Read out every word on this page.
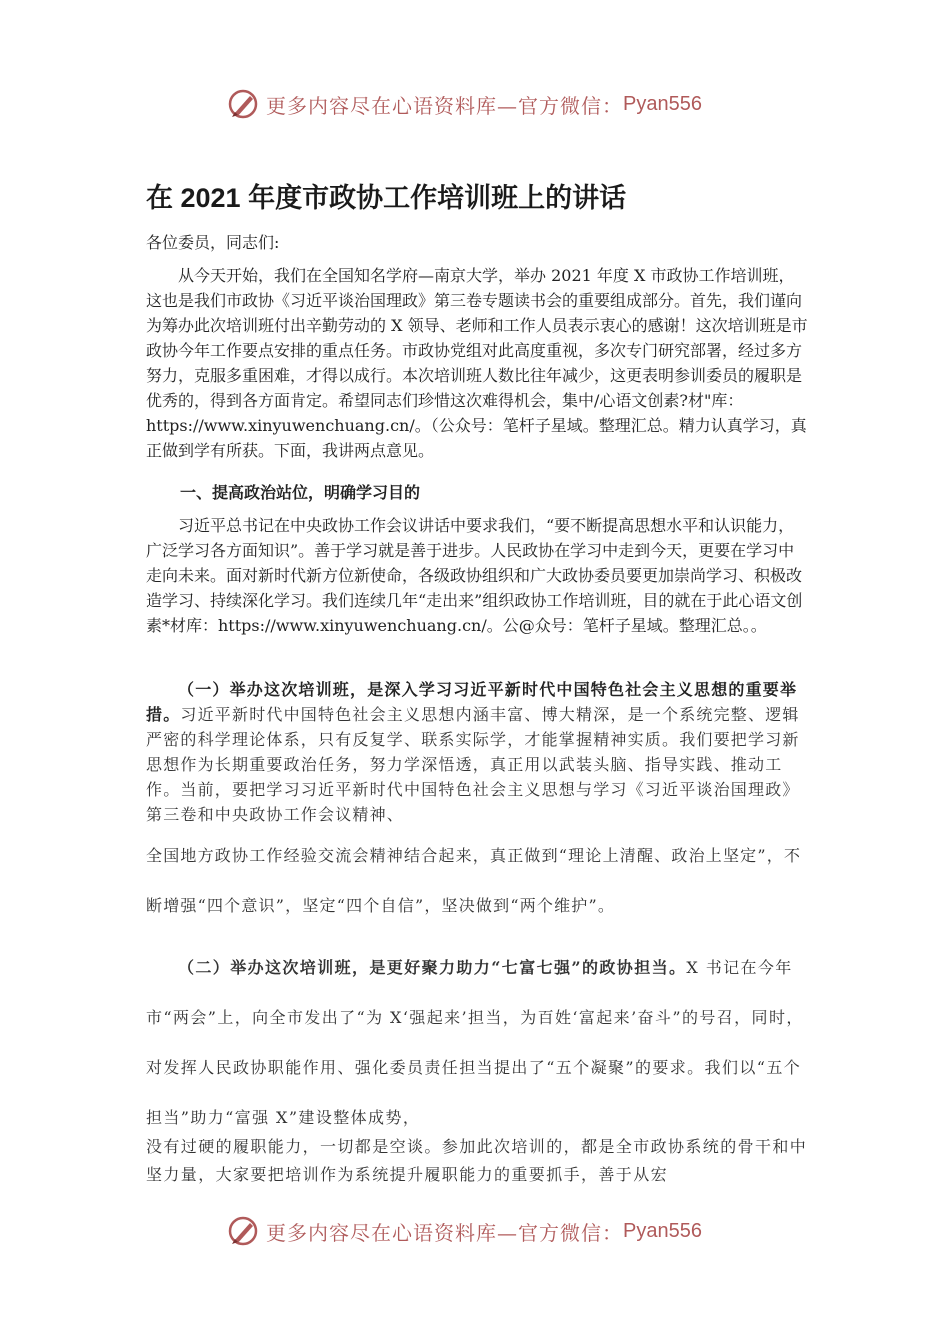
更多内容尽在心语资料库—官方微信： Pyan556
在 2021 年度市政协工作培训班上的讲话
各位委员，同志们:
从今天开始，我们在全国知名学府—南京大学，举办 2021 年度 X 市政协工作培训班，这也是我们市政协《习近平谈治国理政》第三卷专题读书会的重要组成部分。首先，我们谨向为筹办此次培训班付出辛勤劳动的 X 领导、老师和工作人员表示衷心的感谢！这次培训班是市政协今年工作要点安排的重点任务。市政协党组对此高度重视，多次专门研究部署，经过多方努力，克服多重困难，才得以成行。本次培训班人数比往年减少，这更表明参训委员的履职是优秀的，得到各方面肯定。希望同志们珍惜这次难得机会，集中/心语文创素?材"库：https://www.xinyuwenchuang.cn/。（公众号：笔杆子星域。整理汇总。精力认真学习，真正做到学有所获。下面，我讲两点意见。
一、提高政治站位，明确学习目的
习近平总书记在中央政协工作会议讲话中要求我们，“要不断提高思想水平和认识能力，广泛学习各方面知识”。善于学习就是善于进步。人民政协在学习中走到今天，更要在学习中走向未来。面对新时代新方位新使命，各级政协组织和广大政协委员要更加崇尚学习、积极改造学习、持续深化学习。我们连续几年“走出来”组织政协工作培训班，目的就在于此心语文创素*材库：https://www.xinyuwenchuang.cn/。公@众号：笔杆子星域。整理汇总。。
（一）举办这次培训班，是深入学习习近平新时代中国特色社会主义思想的重要举措。习近平新时代中国特色社会主义思想内涵丰富、博大精深，是一个系统完整、逻辑严密的科学理论体系，只有反复学、联系实际学，才能掌握精神实质。我们要把学习新思想作为长期重要政治任务，努力学深悟透，真正用以武装头脑、指导实践、推动工作。当前，要把学习习近平新时代中国特色社会主义思想与学习《习近平谈治国理政》第三卷和中央政协工作会议精神、

全国地方政协工作经验交流会精神结合起来，真正做到“理论上清醒、政治上坚定”，不断增强“四个意识”，坚定“四个自信”，坚决做到“两个维护”。
（二）举办这次培训班，是更好聚力助力“七富七强”的政协担当。X 书记在今年市“两会”上，向全市发出了“为 X‘强起来’担当，为百姓‘富起来’奋斗”的号召，同时，对发挥人民政协职能作用、强化委员责任担当提出了“五个凝聚”的要求。我们以“五个担当”助力“富强 X”建设整体成势，
没有过硬的履职能力，一切都是空谈。参加此次培训的，都是全市政协系统的骨干和中坚力量，大家要把培训作为系统提升履职能力的重要抓手，善于从宏
更多内容尽在心语资料库—官方微信： Pyan556
